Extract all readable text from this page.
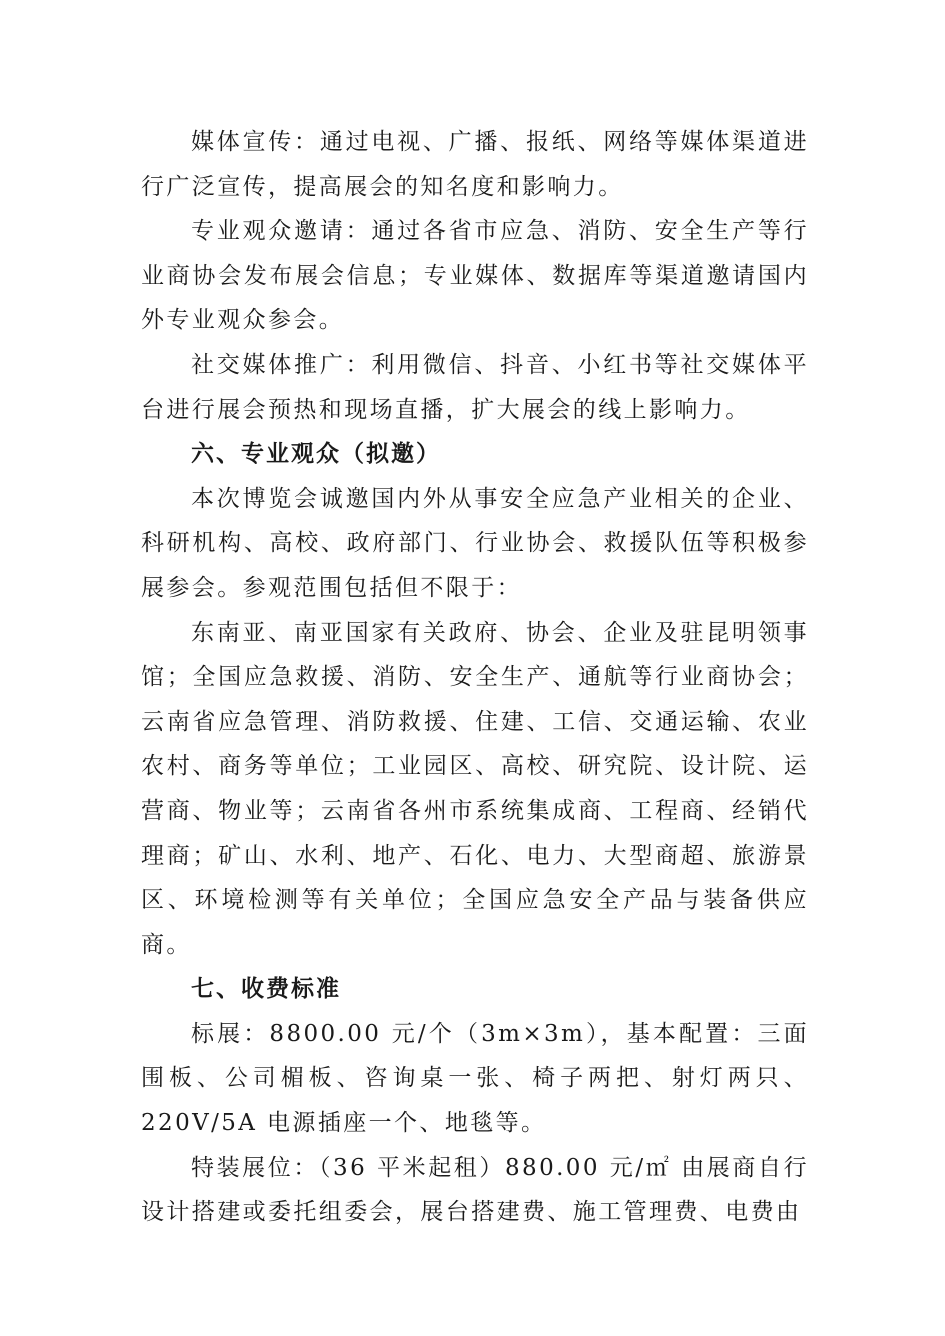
媒体宣传：通过电视、广播、报纸、网络等媒体渠道进行广泛宣传，提高展会的知名度和影响力。

专业观众邀请：通过各省市应急、消防、安全生产等行业商协会发布展会信息；专业媒体、数据库等渠道邀请国内外专业观众参会。

社交媒体推广：利用微信、抖音、小红书等社交媒体平台进行展会预热和现场直播，扩大展会的线上影响力。

六、专业观众（拟邀）

本次博览会诚邀国内外从事安全应急产业相关的企业、科研机构、高校、政府部门、行业协会、救援队伍等积极参展参会。参观范围包括但不限于：

东南亚、南亚国家有关政府、协会、企业及驻昆明领事馆；全国应急救援、消防、安全生产、通航等行业商协会；云南省应急管理、消防救援、住建、工信、交通运输、农业农村、商务等单位；工业园区、高校、研究院、设计院、运营商、物业等；云南省各州市系统集成商、工程商、经销代理商；矿山、水利、地产、石化、电力、大型商超、旅游景区、环境检测等有关单位；全国应急安全产品与装备供应商。

七、收费标准

标展：8800.00 元/个（3m×3m），基本配置：三面围板、公司楣板、咨询桌一张、椅子两把、射灯两只、220V/5A 电源插座一个、地毯等。

特装展位：（36 平米起租）880.00 元/㎡ 由展商自行设计搭建或委托组委会，展台搭建费、施工管理费、电费由
